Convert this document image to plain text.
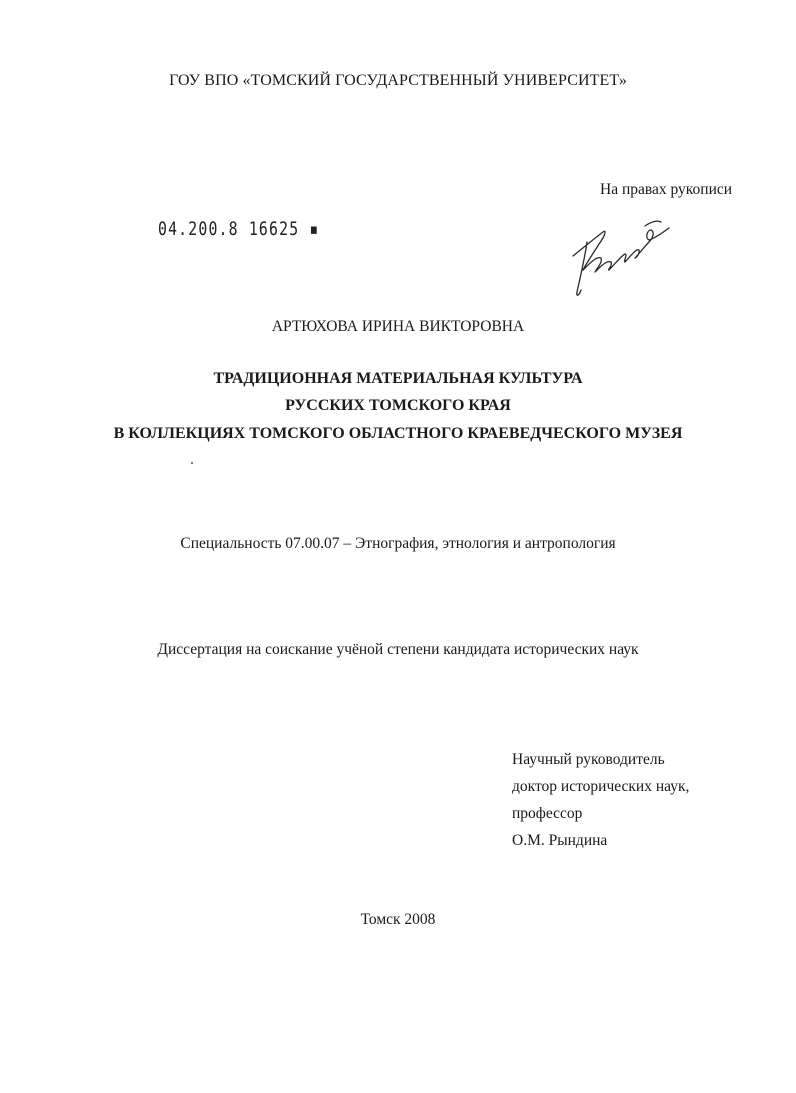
ГОУ ВПО «ТОМСКИЙ ГОСУДАРСТВЕННЫЙ УНИВЕРСИТЕТ»
На правах рукописи
04.200.8 16625 ▪
АРТЮХОВА ИРИНА ВИКТОРОВНА
ТРАДИЦИОННАЯ МАТЕРИАЛЬНАЯ КУЛЬТУРА
РУССКИХ ТОМСКОГО КРАЯ
В КОЛЛЕКЦИЯХ ТОМСКОГО ОБЛАСТНОГО КРАЕВЕДЧЕСКОГО МУЗЕЯ
Специальность 07.00.07 – Этнография, этнология и антропология
Диссертация на соискание учёной степени кандидата исторических наук
Научный руководитель
доктор исторических наук,
профессор
О.М. Рындина
Томск 2008
